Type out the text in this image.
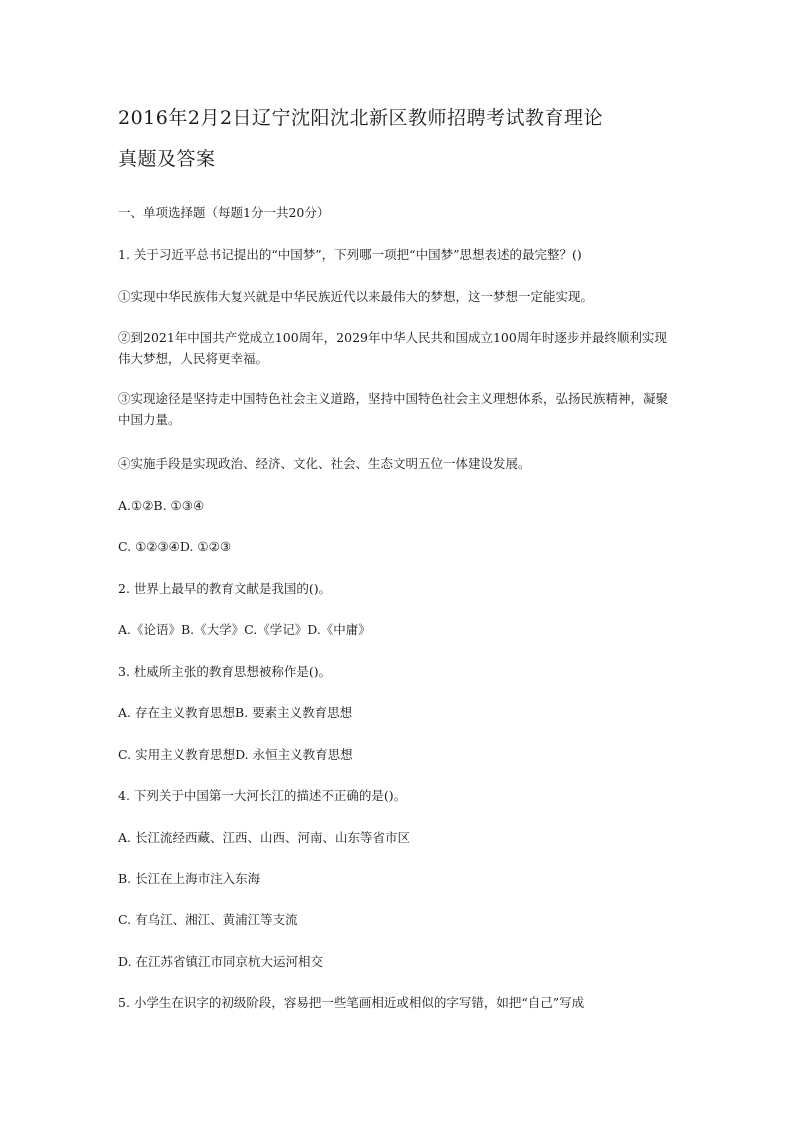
2016年2月2日辽宁沈阳沈北新区教师招聘考试教育理论
真题及答案
一、单项选择题（每题1分一共20分）
1. 关于习近平总书记提出的“中国梦”，下列哪一项把“中国梦”思想表述的最完整？()
①实现中华民族伟大复兴就是中华民族近代以来最伟大的梦想，这一梦想一定能实现。
②到2021年中国共产党成立100周年，2029年中华人民共和国成立100周年时逐步并最终顺利实现伟大梦想，人民将更幸福。
③实现途径是坚持走中国特色社会主义道路，坚持中国特色社会主义理想体系，弘扬民族精神，凝聚中国力量。
④实施手段是实现政治、经济、文化、社会、生态文明五位一体建设发展。
A.①②B. ①③④
C. ①②③④D. ①②③
2. 世界上最早的教育文献是我国的()。
A.《论语》B.《大学》C.《学记》D.《中庸》
3. 杜威所主张的教育思想被称作是()。
A. 存在主义教育思想B. 要素主义教育思想
C. 实用主义教育思想D. 永恒主义教育思想
4. 下列关于中国第一大河长江的描述不正确的是()。
A. 长江流经西藏、江西、山西、河南、山东等省市区
B. 长江在上海市注入东海
C. 有乌江、湘江、黄浦江等支流
D. 在江苏省镇江市同京杭大运河相交
5. 小学生在识字的初级阶段，容易把一些笔画相近或相似的字写错，如把“自己”写成
